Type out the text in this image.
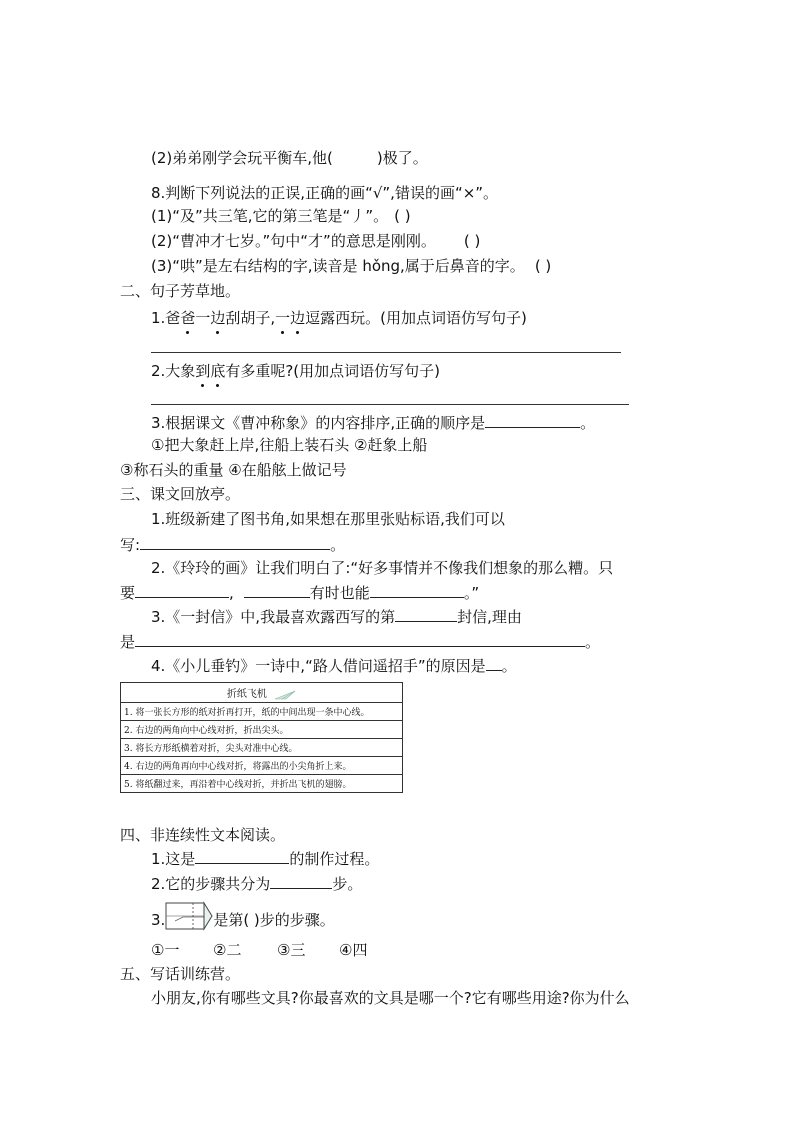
(2)弟弟刚学会玩平衡车,他(	)极了。
8.判断下列说法的正误,正确的画“√”,错误的画“×”。
(1)“及”共三笔,它的第三笔是“丿”。 ( )
(2)“曹冲才七岁。”句中“才”的意思是刚刚。 ( )
(3)“哄”是左右结构的字,读音是 hǒng,属于后鼻音的字。 ( )
二、句子芳草地。
1.爸爸一边刮胡子,一边逗露西玩。(用加点词语仿写句子)
2.大象到底有多重呢?(用加点词语仿写句子)
3.根据课文《曹冲称象》的内容排序,正确的顺序是	。
①把大象赶上岸,往船上装石头 ②赶象上船
③称石头的重量 ④在船舷上做记号
三、课文回放亭。
1.班级新建了图书角,如果想在那里张贴标语,我们可以
写:	。
2.《玲玲的画》让我们明白了:“好多事情并不像我们想象的那么糟。只
要	,	有时也能	。”
3.《一封信》中,我最喜欢露西写的第	封信,理由
是	。
4.《小儿垂钓》一诗中,“路人借问遥招手”的原因是 。
折纸飞机
1. 将一张长方形的纸对折再打开，纸的中间出现一条中心线。
2. 右边的两角向中心线对折，折出尖头。
3. 将长方形纸横着对折，尖头对准中心线。
4. 右边的两角再向中心线对折，将露出的小尖角折上来。
5. 将纸翻过来，再沿着中心线对折，并折出飞机的翅膀。
四、非连续性文本阅读。
1.这是	的制作过程。
2.它的步骤共分为	步。
3.	是第( )步的步骤。
①一 ②二 ③三 ④四
五、写话训练营。
小朋友,你有哪些文具?你最喜欢的文具是哪一个?它有哪些用途?你为什么
